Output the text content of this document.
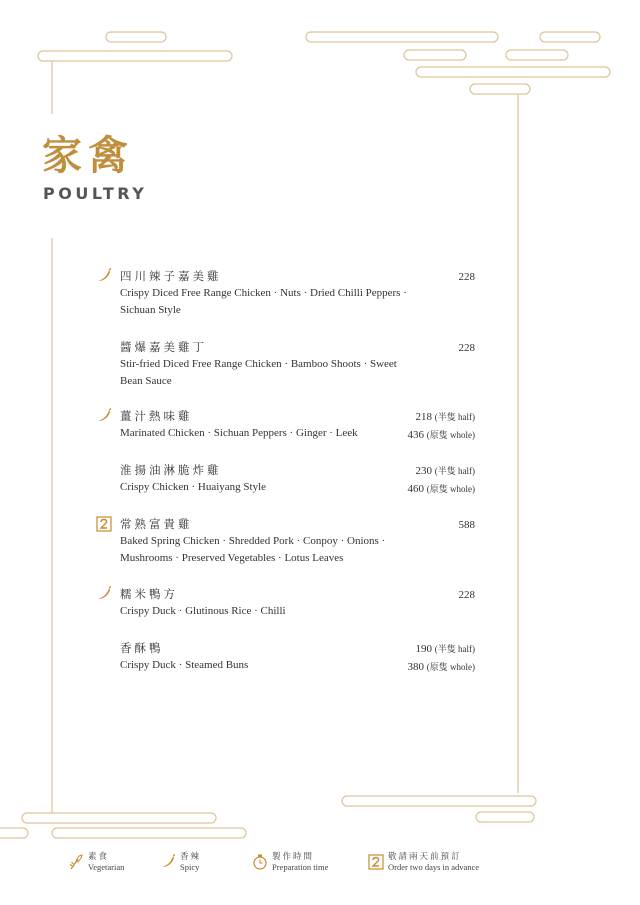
家禽
POULTRY
四川辣子嘉美雞
Crispy Diced Free Range Chicken · Nuts · Dried Chilli Peppers · Sichuan Style
228
醬爆嘉美雞丁
Stir-fried Diced Free Range Chicken · Bamboo Shoots · Sweet Bean Sauce
228
薑汁熱味雞
Marinated Chicken · Sichuan Peppers · Ginger · Leek
218 (半隻 half)
436 (原隻 whole)
淮揚油淋脆炸雞
Crispy Chicken · Huaiyang Style
230 (半隻 half)
460 (原隻 whole)
常熟富貴雞
Baked Spring Chicken · Shredded Pork · Conpoy · Onions · Mushrooms · Preserved Vegetables · Lotus Leaves
588
糯米鴨方
Crispy Duck · Glutinous Rice · Chilli
228
香酥鴨
Crispy Duck · Steamed Buns
190 (半隻 half)
380 (原隻 whole)
素食
Vegetarian
香辣
Spicy
製作時間
Preparation time
敬請兩天前預訂
Order two days in advance
